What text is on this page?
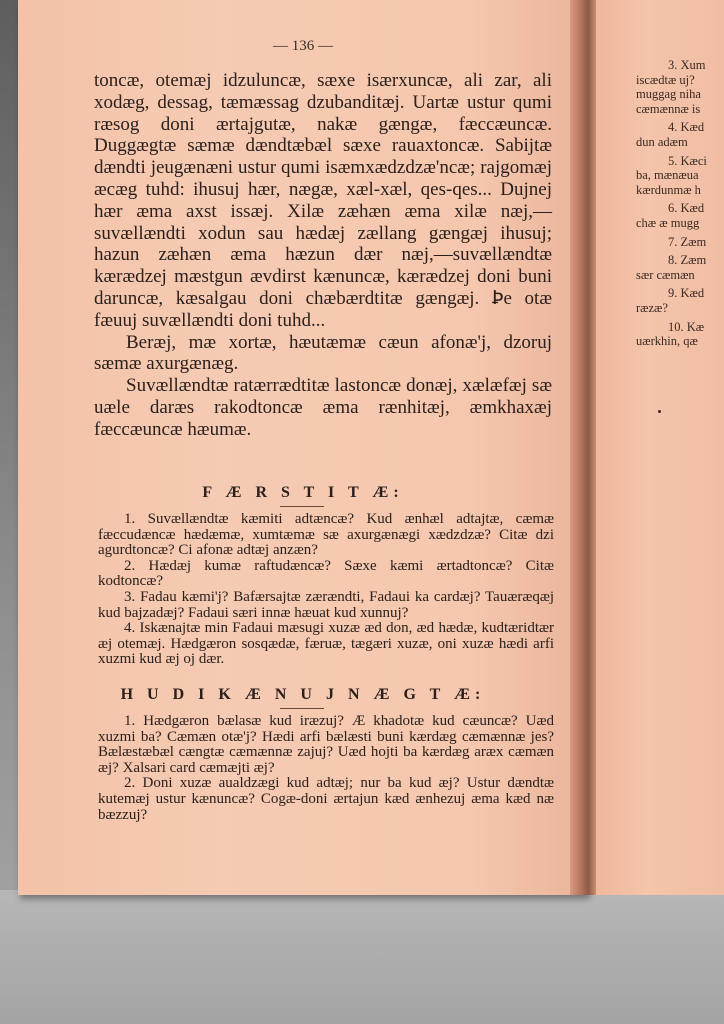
— 136 —

toncæ, otemæj idzuluncæ, sæxe isærxuncæ, ali zar, ali xodæg, dessag, tæmæssag dzubanditæj. Uartæ ustur qumi ræsog doni ærtajgutæ, nakæ gængæ, fæccæuncæ. Duggægtæ sæmæ dændtæbæl sæxe rauaxtoncæ. Sabijtæ dændti jeugænæni ustur qumi isæmxædzdzæ'ncæ; rajgomæj æcæg tuhd: ihusuj hær, nægæ, xæl-xæl, qes-qes... Dujnej hær æma axst issæj. Xilæ zæhæn æma xilæ næj,— suvællændti xodun sau hædæj zællang gængæj ihusuj; hazun zæhæn æma hæzun dær næj,—suvællændtæ kærædzej mæstgun ævdirst kænuncæ, kærædzej doni buni daruncæ, kæsalgau doni chæbærdtitæ gængæj. Ꝧe otæ fæuuj suvællændti doni tuhd...

Beræj, mæ xortæ, hæutæmæ cæun afonæ'j, dzoruj sæmæ axurgænæg.

Suvællændtæ ratærrædtitæ lastoncæ donæj, xælæfæj sæ uæle daræs rakodtoncæ æma rænhitæj, æmkhaxæj fæccæuncæ hæumæ.

F Æ R S T I T Æ:

1. Suvællændtæ kæmiti adtæncæ? Kud ænhæl adtajtæ, cæmæ fæccudæncæ hædæmæ, xumtæmæ sæ axurgænægi xædzdzæ? Citæ dzi agurdtoncæ? Ci afonæ adtæj anzæn?

2. Hædæj kumæ raftudæncæ? Sæxe kæmi ærtadtoncæ? Citæ kodtoncæ?

3. Fadau kæmi'j? Bafærsajtæ zærændti, Fadaui ka cardæj? Tauæræqæj kud bajzadæj? Fadaui særi innæ hæuat kud xunnuj?

4. Iskænajtæ min Fadaui mæsugi xuzæ æd don, æd hædæ, kudtæridtær æj otemæj. Hædgæron sosqædæ, færuæ, tægæri xuzæ, oni xuzæ hædi arfi xuzmi kud æj oj dær.

H U D I K Æ N U J N Æ G T Æ:

1. Hædgæron bælasæ kud iræzuj? Æ khadotæ kud cæuncæ? Uæd xuzmi ba? Cæmæn otæ'j? Hædi arfi bælæsti buni kærdæg cæmænnæ jes? Bælæstæbæl cængtæ cæmænnæ zajuj? Uæd hojti ba kærdæg aræx cæmæn æj? Xalsari card cæmæjti æj?

2. Doni xuzæ aualdzægi kud adtæj; nur ba kud æj? Ustur dændtæ kutemæj ustur kænuncæ? Cogæ-doni ærtajun kæd ænhezuj æma kæd næ bæzzuj?

3. Xum
iscædtæ uj?
muggag niha
cæmænnæ is
4. Kæd
dun adæm
5. Kæci
ba, mænæua
kærdunmæ h
6. Kæd
chæ æ mugg
7. Zæm
8. Zæm
sær cæmæn
9. Kæd
ræzæ?
10. Kæ
uærkhin, qæ
